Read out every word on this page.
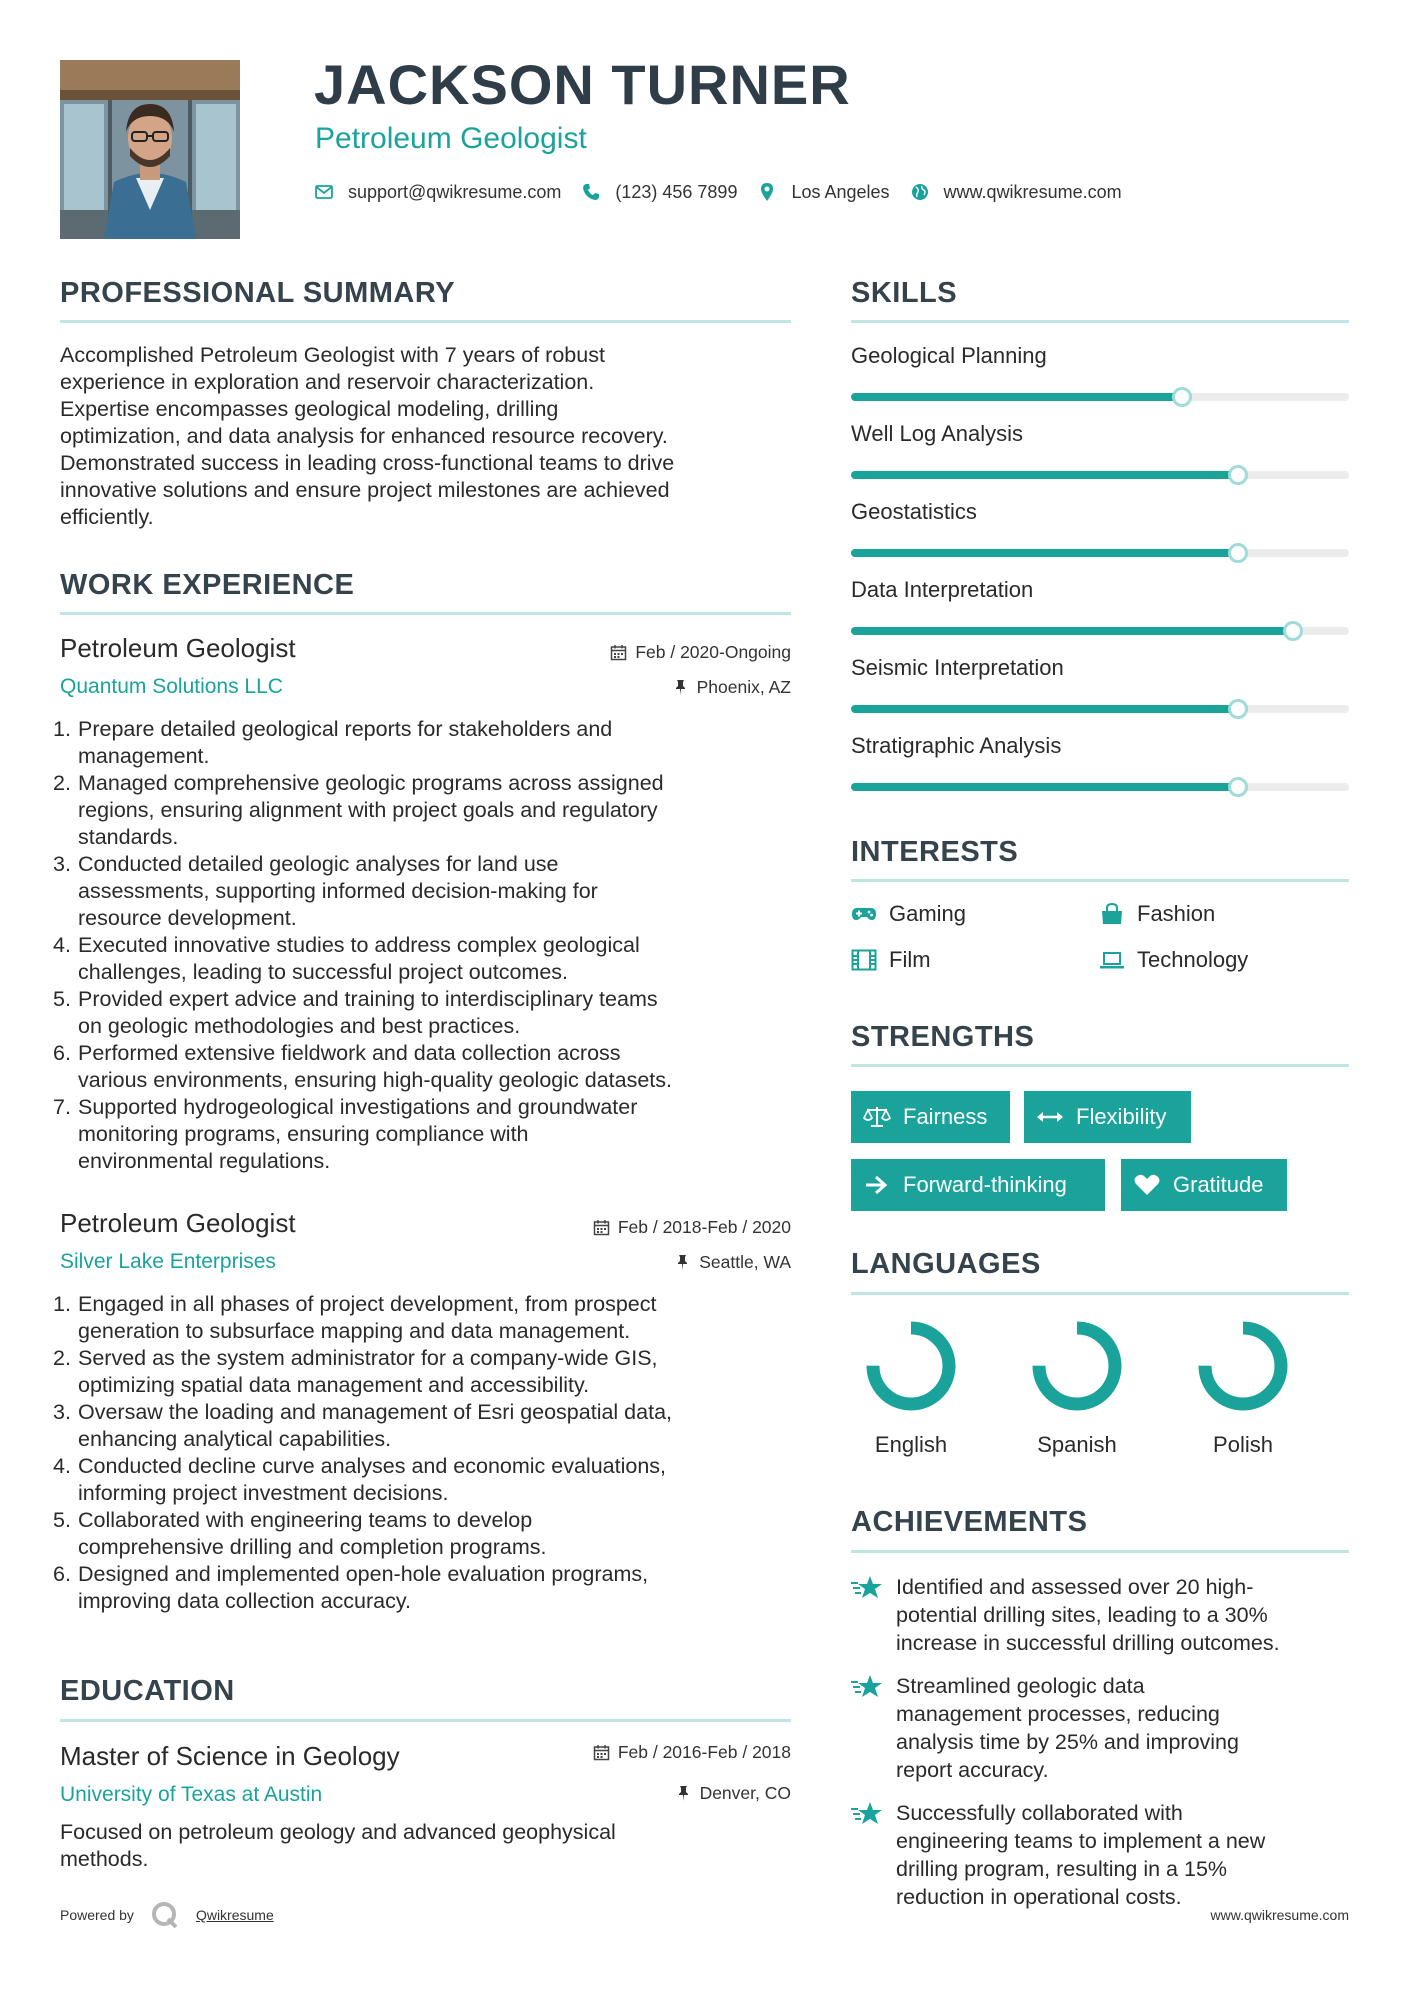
JACKSON TURNER
Petroleum Geologist
support@qwikresume.com	(123) 456 7899	Los Angeles	www.qwikresume.com
PROFESSIONAL SUMMARY
Accomplished Petroleum Geologist with 7 years of robust
experience in exploration and reservoir characterization.
Expertise encompasses geological modeling, drilling
optimization, and data analysis for enhanced resource recovery.
Demonstrated success in leading cross-functional teams to drive
innovative solutions and ensure project milestones are achieved
efficiently.
WORK EXPERIENCE
Petroleum Geologist
Quantum Solutions LLC
Feb / 2020-Ongoing
Phoenix, AZ
Prepare detailed geological reports for stakeholders and
management.
Managed comprehensive geologic programs across assigned
regions, ensuring alignment with project goals and regulatory
standards.
Conducted detailed geologic analyses for land use
assessments, supporting informed decision-making for
resource development.
Executed innovative studies to address complex geological
challenges, leading to successful project outcomes.
Provided expert advice and training to interdisciplinary teams
on geologic methodologies and best practices.
Performed extensive fieldwork and data collection across
various environments, ensuring high-quality geologic datasets.
Supported hydrogeological investigations and groundwater
monitoring programs, ensuring compliance with
environmental regulations.
Petroleum Geologist
Silver Lake Enterprises
Feb / 2018-Feb / 2020
Seattle, WA
Engaged in all phases of project development, from prospect
generation to subsurface mapping and data management.
Served as the system administrator for a company-wide GIS,
optimizing spatial data management and accessibility.
Oversaw the loading and management of Esri geospatial data,
enhancing analytical capabilities.
Conducted decline curve analyses and economic evaluations,
informing project investment decisions.
Collaborated with engineering teams to develop
comprehensive drilling and completion programs.
Designed and implemented open-hole evaluation programs,
improving data collection accuracy.
EDUCATION
Master of Science in Geology
University of Texas at Austin
Feb / 2016-Feb / 2018
Denver, CO
Focused on petroleum geology and advanced geophysical
methods.
Powered by	Qwikresume
SKILLS
Geological Planning
Well Log Analysis
Geostatistics
Data Interpretation
Seismic Interpretation
Stratigraphic Analysis
INTERESTS
Gaming	Fashion
Film	Technology
STRENGTHS
Fairness	Flexibility
Forward-thinking	Gratitude
LANGUAGES
English	Spanish	Polish
ACHIEVEMENTS
Identified and assessed over 20 high-
potential drilling sites, leading to a 30%
increase in successful drilling outcomes.
Streamlined geologic data
management processes, reducing
analysis time by 25% and improving
report accuracy.
Successfully collaborated with
engineering teams to implement a new
drilling program, resulting in a 15%
reduction in operational costs.
www.qwikresume.com
